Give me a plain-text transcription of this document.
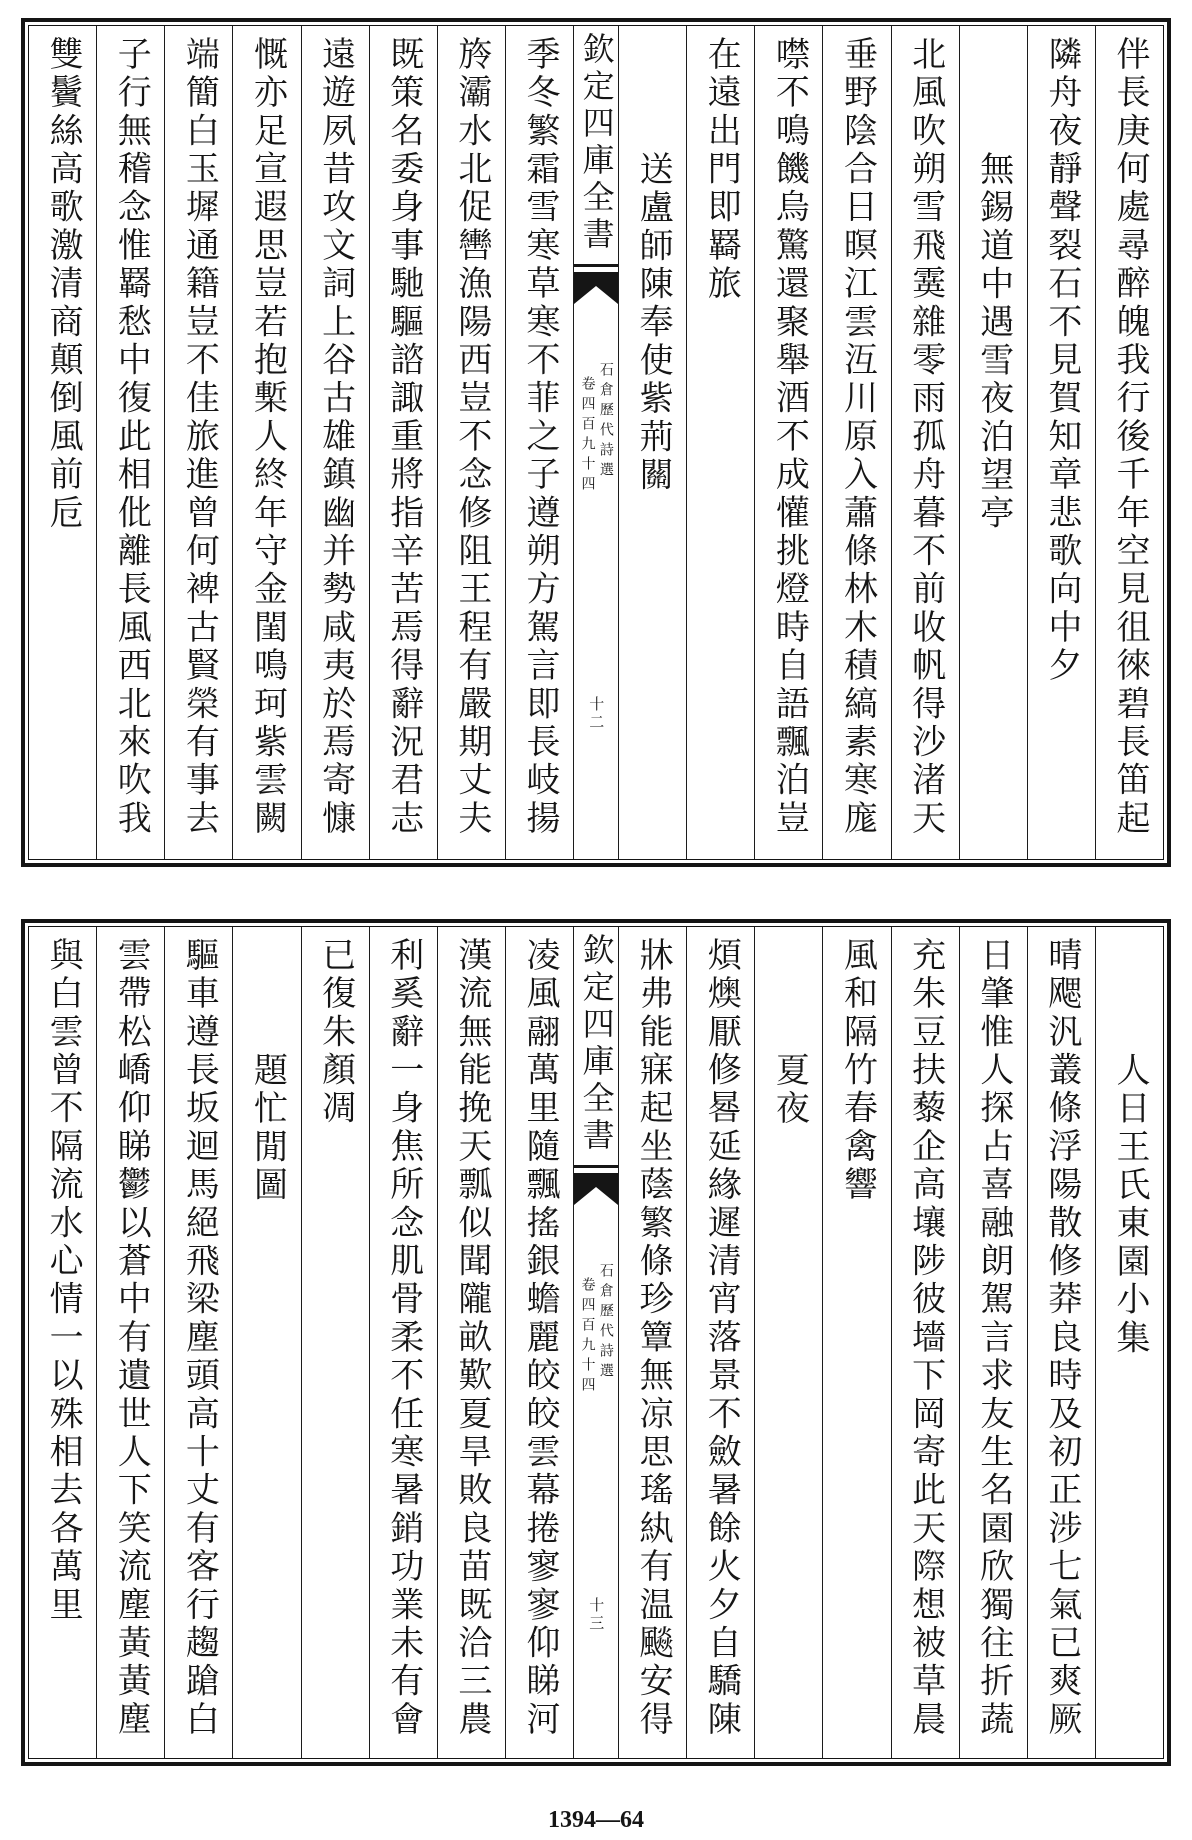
伴長庚何處尋醉魄我行後千年空見徂徠碧長笛起
隣舟夜靜聲裂石不見賀知章悲歌向中夕
無錫道中遇雪夜泊望亭
北風吹朔雪飛霙雜零雨孤舟暮不前收帆得沙渚天
垂野陰合日暝江雲沍川原入蕭條林木積縞素寒庬
噤不鳴饑烏驚還聚舉酒不成懽挑燈時自語飄泊豈
在遠出門即羇旅
送盧師陳奉使紫荊關
欽定四庫全書
石倉歷代詩選
卷四百九十四
十二
季冬繁霜雪寒草寒不菲之子遵朔方駕言即長岐揚
旍灞水北促轡漁陽西豈不念修阻王程有嚴期丈夫
既策名委身事馳驅諮諏重將指辛苦焉得辭況君志
遠遊夙昔攻文詞上谷古雄鎮幽并勢咸夷於焉寄慷
慨亦足宣遐思豈若抱槧人終年守金閨鳴珂紫雲闕
端簡白玉墀通籍豈不佳旅進曾何裨古賢榮有事去
子行無稽念惟羇愁中復此相仳離長風西北來吹我
雙鬢絲高歌激清商顛倒風前卮
人日王氏東園小集
晴飔汎叢條浮陽散修莽良時及初正涉七氣已爽厥
日肇惟人探占喜融朗駕言求友生名園欣獨往折蔬
充朱豆扶藜企高壤陟彼墻下岡寄此天際想被草晨
風和隔竹春禽響
夏夜
煩燠厭修晷延緣遲清宵落景不斂暑餘火夕自驕陳
牀弗能寐起坐蔭繁條珍簟無凉思瑤紈有温飈安得
欽定四庫全書
石倉歷代詩選
卷四百九十四
十三
凌風翮萬里隨飄搖銀蟾麗皎皎雲幕捲寥寥仰睇河
漢流無能挽天瓢似聞隴畝歎夏旱敗良苗既洽三農
利奚辭一身焦所念肌骨柔不任寒暑銷功業未有會
已復朱顏凋
題忙閒圖
驅車遵長坂迴馬絕飛梁塵頭高十丈有客行趨蹌白
雲帶松嶠仰睇鬱以蒼中有遺世人下笑流塵黃黃塵
與白雲曾不隔流水心情一以殊相去各萬里
1394—64
